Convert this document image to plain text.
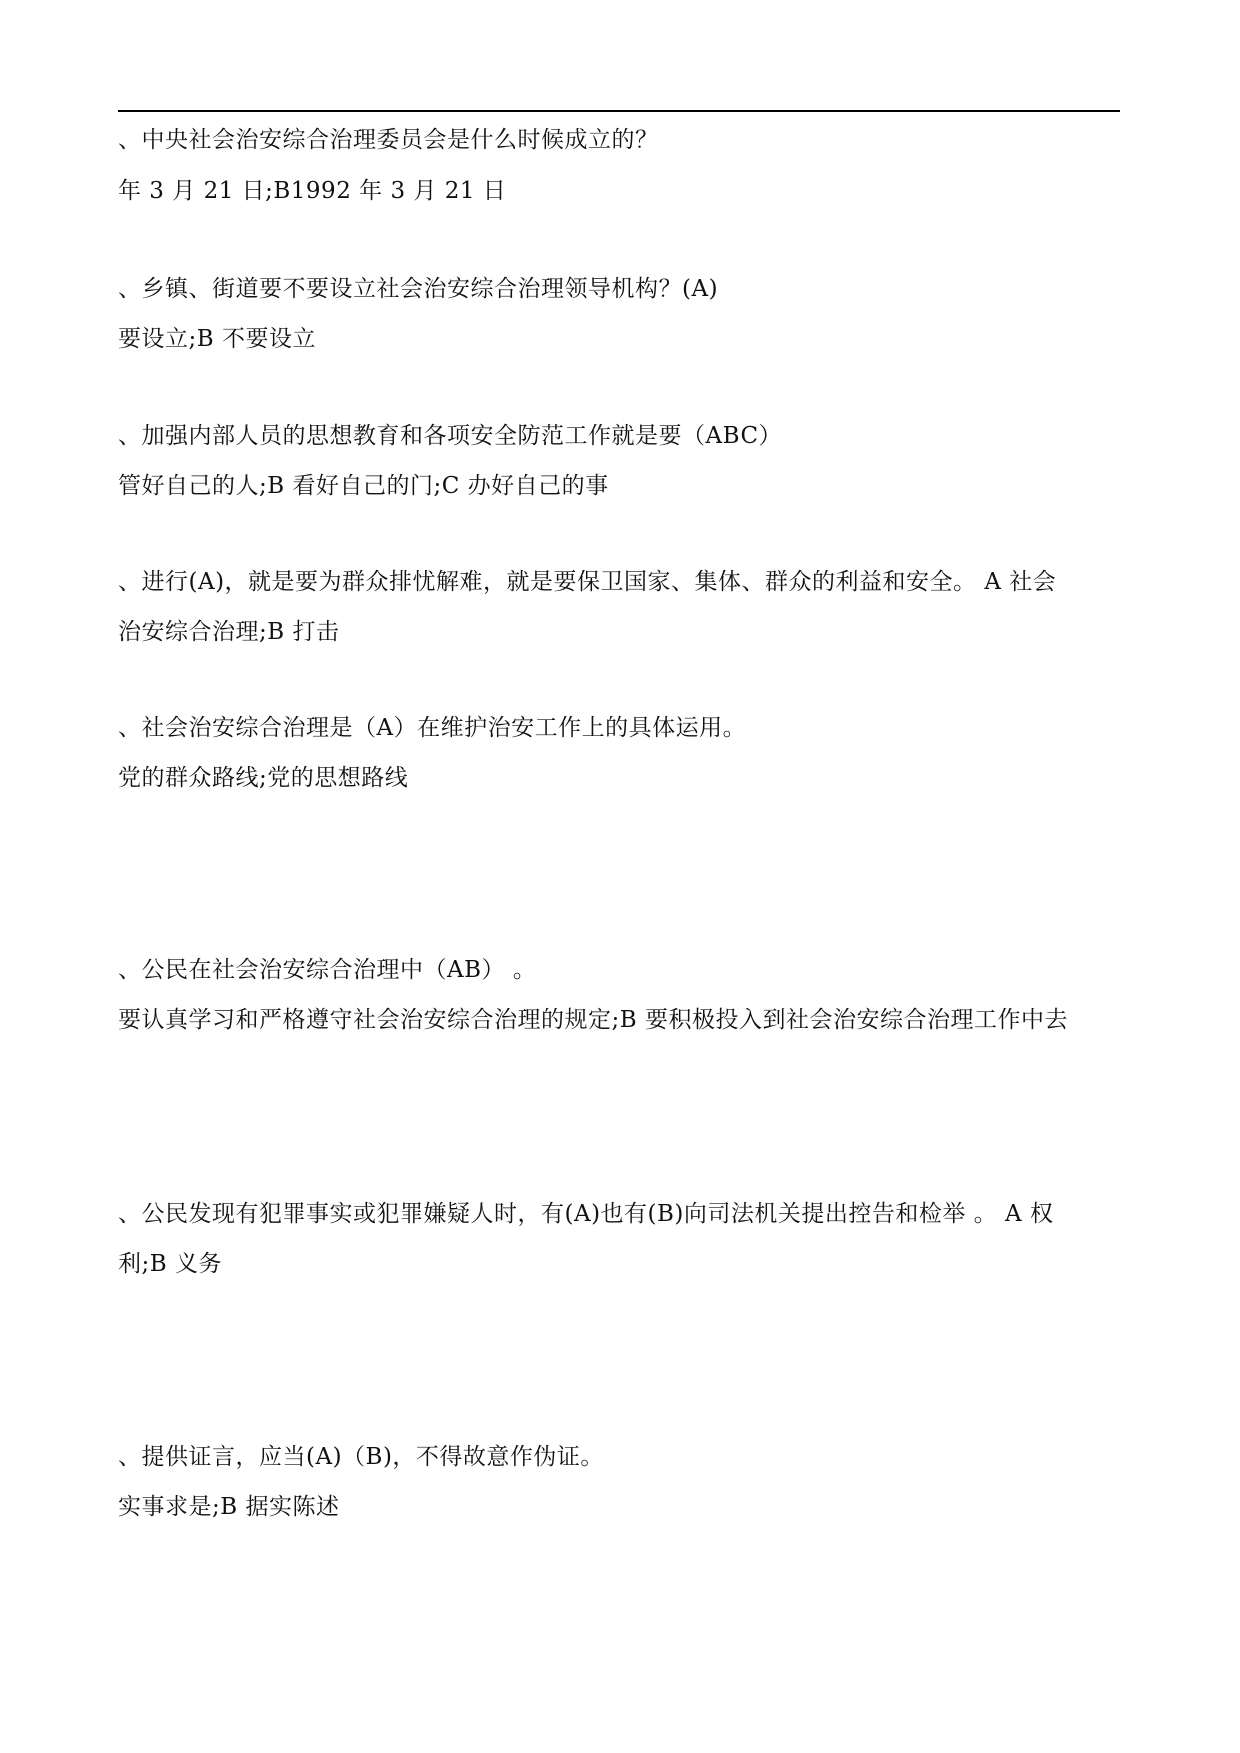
、中央社会治安综合治理委员会是什么时候成立的？
年 3 月 21 日;B1992 年 3 月 21 日
、乡镇、街道要不要设立社会治安综合治理领导机构？(A)
要设立;B 不要设立
、加强内部人员的思想教育和各项安全防范工作就是要（ABC）
管好自己的人;B 看好自己的门;C 办好自己的事
、进行(A)，就是要为群众排忧解难，就是要保卫国家、集体、群众的利益和安全。 A 社会
治安综合治理;B 打击
、社会治安综合治理是（A）在维护治安工作上的具体运用。
党的群众路线;党的思想路线
、公民在社会治安综合治理中（AB） 。
要认真学习和严格遵守社会治安综合治理的规定;B 要积极投入到社会治安综合治理工作中去
、公民发现有犯罪事实或犯罪嫌疑人时，有(A)也有(B)向司法机关提出控告和检举 。 A 权
利;B 义务
、提供证言，应当(A)（B)，不得故意作伪证。
实事求是;B 据实陈述
